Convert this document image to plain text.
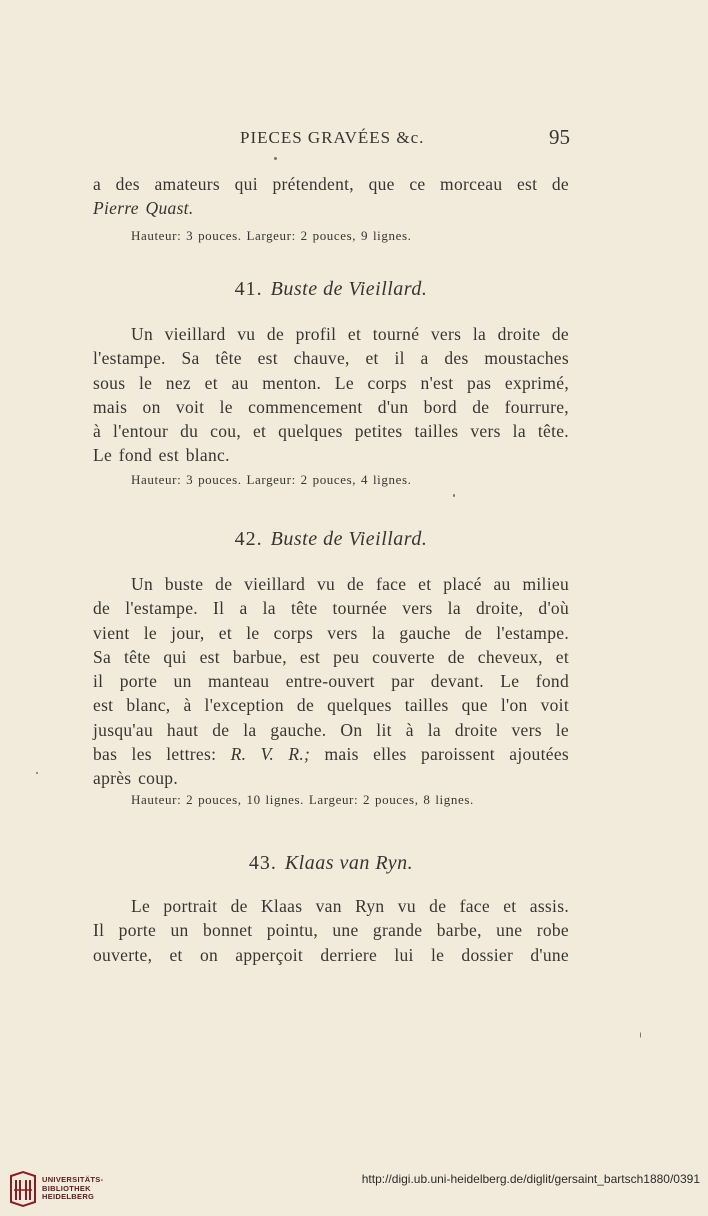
PIECES GRAVÉES &c.	95

a des amateurs qui prétendent, que ce morceau est de
Pierre Quast.

Hauteur: 3 pouces. Largeur: 2 pouces, 9 lignes.
41. Buste de Vieillard.

Un vieillard vu de profil et tourné vers la droite de
l'estampe. Sa tête est chauve, et il a des moustaches
sous le nez et au menton. Le corps n'est pas exprimé,
mais on voit le commencement d'un bord de fourrure,
à l'entour du cou, et quelques petites tailles vers la tête.
Le fond est blanc.

Hauteur: 3 pouces. Largeur: 2 pouces, 4 lignes.
42. Buste de Vieillard.

Un buste de vieillard vu de face et placé au milieu
de l'estampe. Il a la tête tournée vers la droite, d'où
vient le jour, et le corps vers la gauche de l'estampe.
Sa tête qui est barbue, est peu couverte de cheveux, et
il porte un manteau entre-ouvert par devant. Le fond
est blanc, à l'exception de quelques tailles que l'on voit
jusqu'au haut de la gauche. On lit à la droite vers le
bas les lettres: R. V. R.; mais elles paroissent ajoutées
après coup.

Hauteur: 2 pouces, 10 lignes. Largeur: 2 pouces, 8 lignes.
43. Klaas van Ryn.

Le portrait de Klaas van Ryn vu de face et assis.
Il porte un bonnet pointu, une grande barbe, une robe
ouverte, et on apperçoit derriere lui le dossier d'une

UNIVERSITÄTS-
BIBLIOTHEK
HEIDELBERG
http://digi.ub.uni-heidelberg.de/diglit/gersaint_bartsch1880/0391
